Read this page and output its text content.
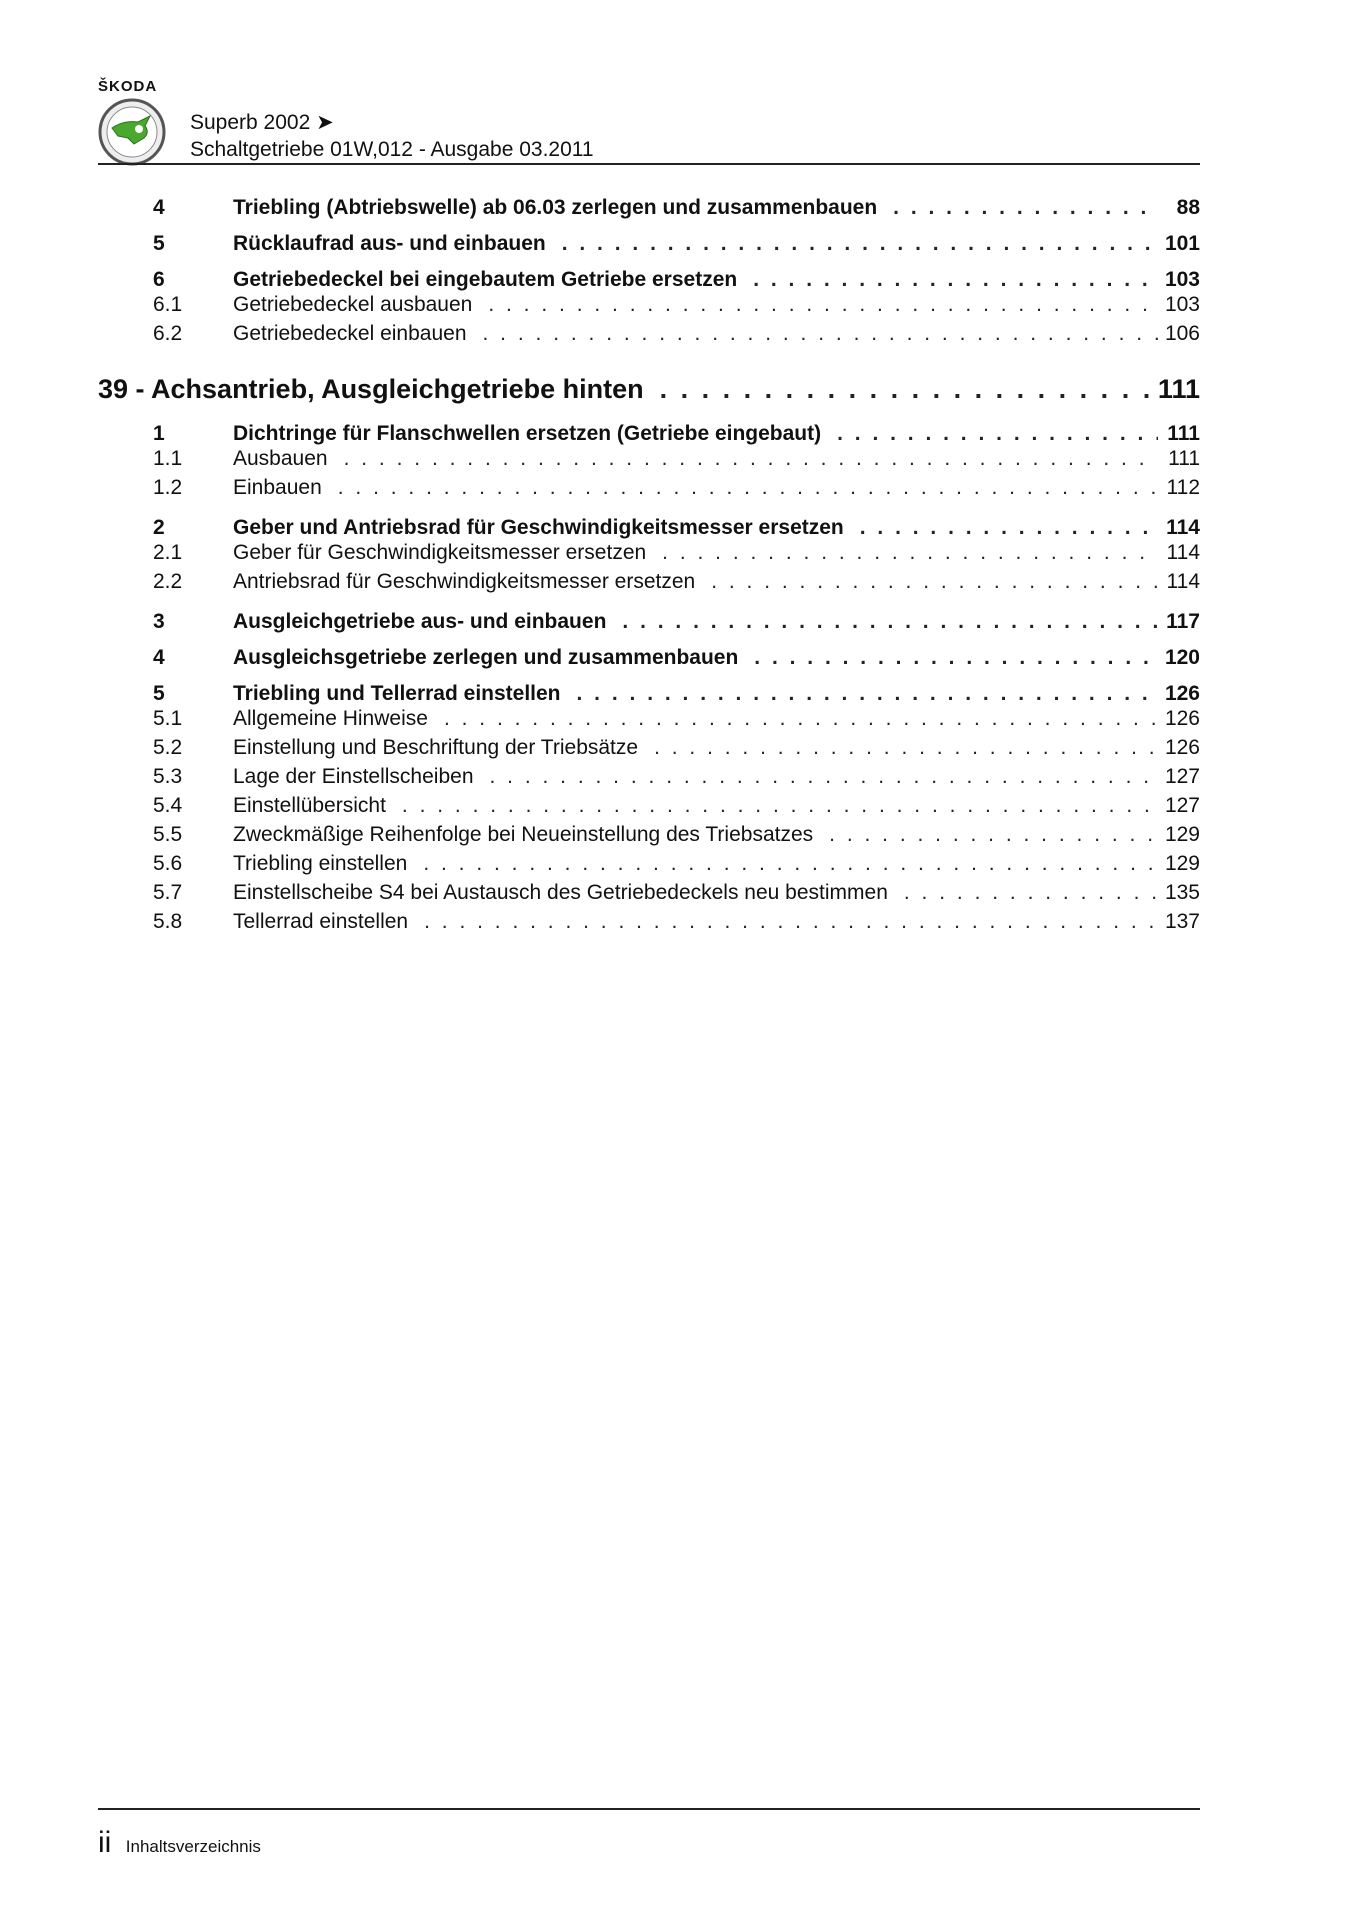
ŠKODA
Superb 2002 ➤
Schaltgetriebe 01W,012 - Ausgabe 03.2011
4	Triebling (Abtriebswelle) ab 06.03 zerlegen und zusammenbauen . . .	88
5	Rücklaufrad aus- und einbauen . . .	101
6	Getriebedeckel bei eingebautem Getriebe ersetzen . . .	103
6.1	Getriebedeckel ausbauen . . .	103
6.2	Getriebedeckel einbauen . . .	106
39 - Achsantrieb, Ausgleichgetriebe hinten . . .	111
1	Dichtringe für Flanschwellen ersetzen (Getriebe eingebaut) . . .	111
1.1	Ausbauen . . .	111
1.2	Einbauen . . .	112
2	Geber und Antriebsrad für Geschwindigkeitsmesser ersetzen . . .	114
2.1	Geber für Geschwindigkeitsmesser ersetzen . . .	114
2.2	Antriebsrad für Geschwindigkeitsmesser ersetzen . . .	114
3	Ausgleichgetriebe aus- und einbauen . . .	117
4	Ausgleichsgetriebe zerlegen und zusammenbauen . . .	120
5	Triebling und Tellerrad einstellen . . .	126
5.1	Allgemeine Hinweise . . .	126
5.2	Einstellung und Beschriftung der Triebsätze . . .	126
5.3	Lage der Einstellscheiben . . .	127
5.4	Einstellübersicht . . .	127
5.5	Zweckmäßige Reihenfolge bei Neueinstellung des Triebsatzes . . .	129
5.6	Triebling einstellen . . .	129
5.7	Einstellscheibe S4 bei Austausch des Getriebedeckels neu bestimmen . . .	135
5.8	Tellerrad einstellen . . .	137
ii Inhaltsverzeichnis
